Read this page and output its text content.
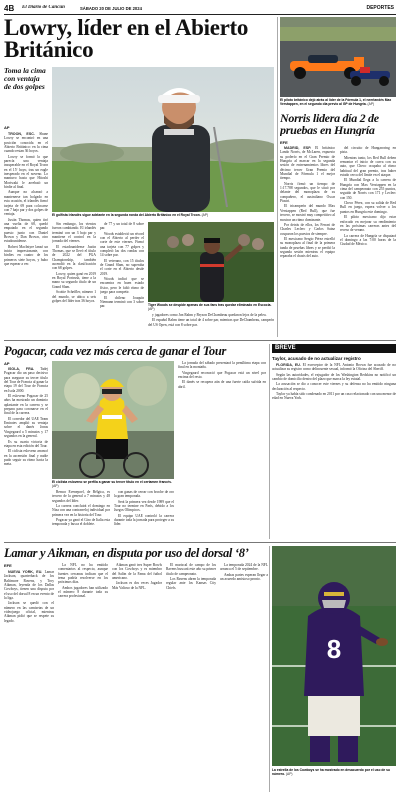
4B El Diario de Cancún	SÁBADO 20 DE JULIO DE 2024	DEPORTES
Lowry, líder en el Abierto Británico
Toma la cima con ventaja de dos golpes
AP

TROON, ESC. Shane Lowry se encontró en una posición conocida en el Abierto Británico: en la cima cuando restan 36 hoyos.

Lowry se formó lo que parecía una ventaja insuperable en el Royal Troon en el 15º hoyo, tras un eagle inesperado en el noveno. Lo mantuvo hasta que Hitoshi Moriwaki le arrebató un birdie al final.

Aunque no alcanzó a mantenerse tan holgado en esta ocasión, el irlandés firmó tarjeta de 69 para colocarse con 7 bajo par y dos golpes de ventaja.

Justin Thomas, quien tiró una vuelta de 68, quedó empatado en el segundo puesto junto con Daniel Brown y Dan Brown, otro estadounidense.

Robert MacIntyre lanzó un inicio impresionante, con birdies en cuatro de los primeros siete hoyos, y hubo que esperar a ver.

El golfista irlandés sigue adelante en la segunda ronda del Abierto Británico en el Royal Troon. (AP)

Sin embargo, los vientos fueron cambiando. El irlandés terminó con un 3 bajo par y mantiene el control en la jornada del viernes.

El estadounidense Justin Thomas, que se llevó el título de 2022 del PGA Championship, también ascendió en la clasificación con 68 golpes.

Lowry, quien ganó en 2019 en Royal Portrush, tiene a la mano su segundo título de un Grand Slam.

Scottie Scheffler, número 1 del mundo, se ubica a seis golpes del líder tras 36 hoyos.

de 77 y un total de 8 sobre par.

Woods estableció un récord con el Abierto al perder el corte de este viernes. Firmó una tarjeta con 77 golpes y completó las dos rondas con 14 sobre par.

El veterano, con 15 títulos de Grand Slam, no superaba el corte en el Abierto desde 2019.

Woods indicó que se encuentra en buen estado físico, pero le faltó ritmo de juego para competir.

El chileno Joaquín Niemann terminó con 3 sobre par.	Tiger Woods se despide apenas de sus fans tras quedar eliminado en Escocia. (AP)

y jugadores como Jon Rahm y Bryson DeChambeau quedaron lejos de la pelea.

El español Rahm tiene un total de 4 sobre par, mientras que DeChambeau, campeón del US Open, está con 8 sobre par.

El piloto británico dejó atrás al líder de la Fórmula 1, el neerlandés Max Verstappen, en el segundo día previo al GP de Hungría. (AP)
Norris lidera día 2 de pruebas en Hungría
EFE

MADRID, ESP. El británico Lando Norris, de McLaren, expuesto su poderío en el Gran Premio de Hungría al marcar en la segunda sesión de entrenamientos libres del décimo tercer Gran Premio del Mundial de Fórmula 1 el mejor tiempo.

Norris firmó un tiempo de 1:17.788 segundos, que le situó por delante del monoplaza de su compañero, el australiano Oscar Piastri.

El tricampeón del mundo Max Verstappen (Red Bull), que fue tercero, se mostró muy competitivo al mostrar un ritmo dominante.

Por detrás de ellos, los Ferrari de Charles Leclerc y Carlos Sainz ocuparon los puestos de siempre.

El mexicano Sergio Pérez estrelló su monoplaza al final de la primera tanda de pruebas libres y se perdió la segunda sesión mientras el equipo reparaba el chasis del auto.

del circuito de Hungaroring en pista.

Mientras tanto, los Red Bull deben remontar el inicio de curva con su auto, que Checo ocupaba al ritmo habitual del gran premio, tras haber estado cerca del límite en el ataque.

El Mundial llega a la carrera de Hungría con Max Verstappen en la cima del campeonato con 255 puntos, seguido de Norris con 171 y Leclerc con 150.

Checo Pérez, con su salida de Red Bull en juego, espera volver a los puntos en Hungría este domingo.

El piloto mexicano dijo estar enfocado en mejorar su rendimiento en las próximas carreras antes del receso de verano.

La carrera de Hungría se disputará el domingo a las 7:00 horas de la Ciudad de México.

Pogacar, cada vez más cerca de ganar el Tour
AP

ISOLA, FRA. Tadej Pogacar dio un paso decisivo para asegurar su tercer título del Tour de Francia al ganar la etapa 19 del Tour de Francia en Isola 2000.

El esloveno Pogacar de 25 años ha mostrado un dominio aplastante en la carrera y se prepara para coronarse en el final de la carrera.

El corredor del UAE Team Emirates amplió su ventaja sobre el danés Jonas Vingegaard a 5 minutos y 17 segundos en la general.

Es su cuarta victoria de etapa en esta edición del Tour.

El ciclista esloveno arrancó en la ascensión final y nadie pudo seguir su ritmo hacia la meta.

El ciclista esloveno se perfila a ganar su tercer título en el certamen francés. (AP)

Remco Evenepoel, de Bélgica, es tercero de la general a 7 minutos y 48 segundos del líder.

La carrera concluirá el domingo en Niza con una contrarreloj individual por primera vez en la historia del Tour.

Pogacar ya ganó el Giro de Italia esta temporada y busca el doblete.

con ganas de cerrar con broche de oro la gran temporada.

Será la primera vez desde 1989 que el Tour no termine en París, debido a los Juegos Olímpicos.

El equipo UAE controló la carrera durante toda la jornada para proteger a su líder.

La jornada del sábado presentará la penúltima etapa con final en la montaña.

Vingegaard reconoció que Pogacar está un nivel por encima del resto.

El danés se recupera aún de una fuerte caída sufrida en abril.

BREVE
Taylor, acusado de no actualizar registro

FLORIDA, EU. El exreceptor de la NFL Antonio Brown fue acusado de no actualizar su registro como delincuente sexual, informó la Oficina del Sheriff.

Según las autoridades, el exjugador de los Washington Redskins no notificó un cambio de domicilio dentro del plazo que marca la ley estatal.

La acusación se dio a conocer este viernes y su defensa no ha emitido ninguna declaración al respecto.

Taylor ya había sido condenado en 2011 por un caso relacionado con una menor de edad en Nueva York.

Lamar y Aikman, en disputa por uso del dorsal ‘8’
EFE

NUEVA YORK, EU. Lamar Jackson, quarterback de los Baltimore Ravens, y Troy Aikman, leyenda de los Dallas Cowboys, tienen una disputa por el uso del dorsal 8 en un evento de la liga.

Jackson se quedó con el número en las camisetas de un videojuego oficial, mientras Aikman pidió que se respete su legado.

La NFL no ha emitido comentarios al respecto, aunque fuentes cercanas indican que el tema podría resolverse en los próximos días.

Ambos jugadores han utilizado el número 8 durante toda su carrera profesional.

Aikman ganó tres Super Bowls con los Cowboys y es miembro del Salón de la Fama del futbol americano.

Jackson es dos veces Jugador Más Valioso de la NFL.

El mariscal de campo de los Ravens buscará este año su primer título de campeonato.

Los Ravens abren la temporada regular ante los Kansas City Chiefs.

La temporada 2024 de la NFL arranca el 5 de septiembre.

Ambas partes esperan llegar a un acuerdo amistoso pronto.

8
La estrella de los Cowboys se ha mostrado en desacuerdo por el uso de su número. (AP)
